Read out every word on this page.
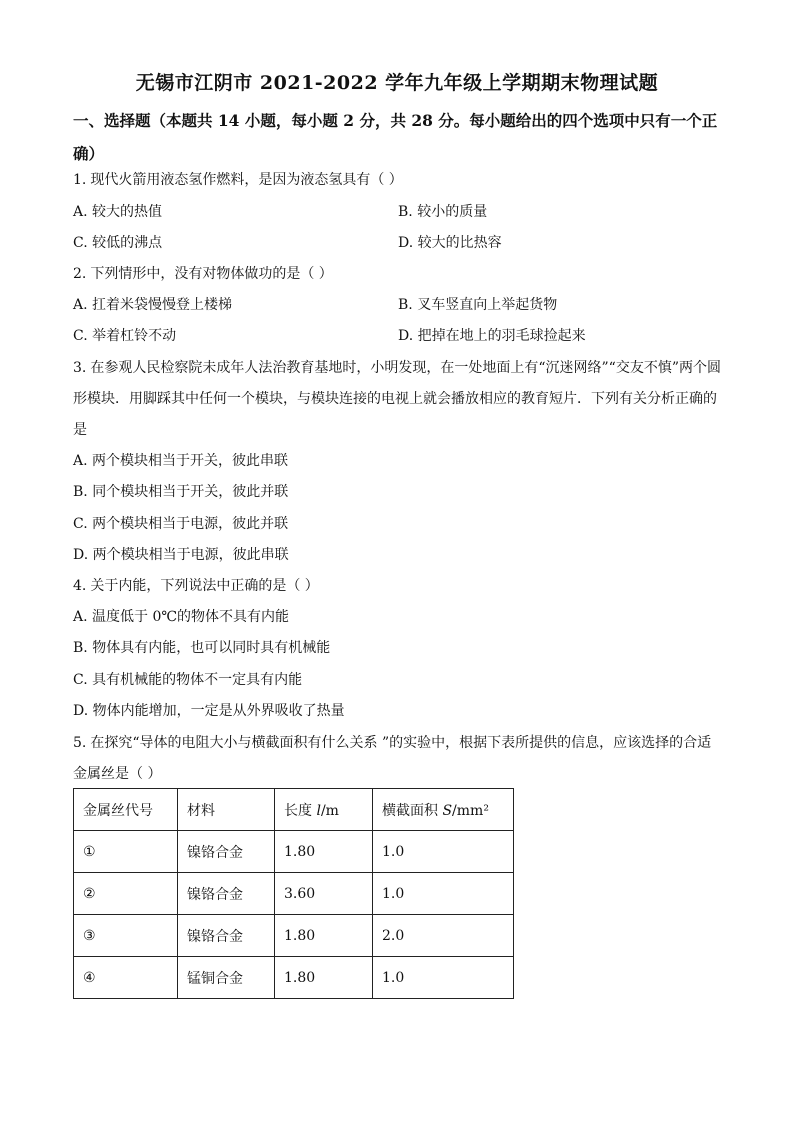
无锡市江阴市 2021-2022 学年九年级上学期期末物理试题
一、选择题（本题共 14 小题，每小题 2 分，共 28 分。每小题给出的四个选项中只有一个正确）
1. 现代火箭用液态氢作燃料，是因为液态氢具有（ ）
A. 较大的热值	B. 较小的质量
C. 较低的沸点	D. 较大的比热容
2. 下列情形中，没有对物体做功的是（ ）
A. 扛着米袋慢慢登上楼梯	B. 叉车竖直向上举起货物
C. 举着杠铃不动	D. 把掉在地上的羽毛球捡起来
3. 在参观人民检察院未成年人法治教育基地时，小明发现，在一处地面上有“沉迷网络”“交友不慎”两个圆
形模块．用脚踩其中任何一个模块，与模块连接的电视上就会播放相应的教育短片．下列有关分析正确的
是
A. 两个模块相当于开关，彼此串联
B. 同个模块相当于开关，彼此并联
C. 两个模块相当于电源，彼此并联
D. 两个模块相当于电源，彼此串联
4. 关于内能，下列说法中正确的是（ ）
A. 温度低于 0℃的物体不具有内能
B. 物体具有内能，也可以同时具有机械能
C. 具有机械能的物体不一定具有内能
D. 物体内能增加，一定是从外界吸收了热量
5. 在探究“导体的电阻大小与横截面积有什么关系 ”的实验中，根据下表所提供的信息，应该选择的合适
金属丝是（ ）
金属丝代号	材料	长度 l/m	横截面积 S/mm²
①	镍铬合金	1.80	1.0
②	镍铬合金	3.60	1.0
③	镍铬合金	1.80	2.0
④	锰铜合金	1.80	1.0
